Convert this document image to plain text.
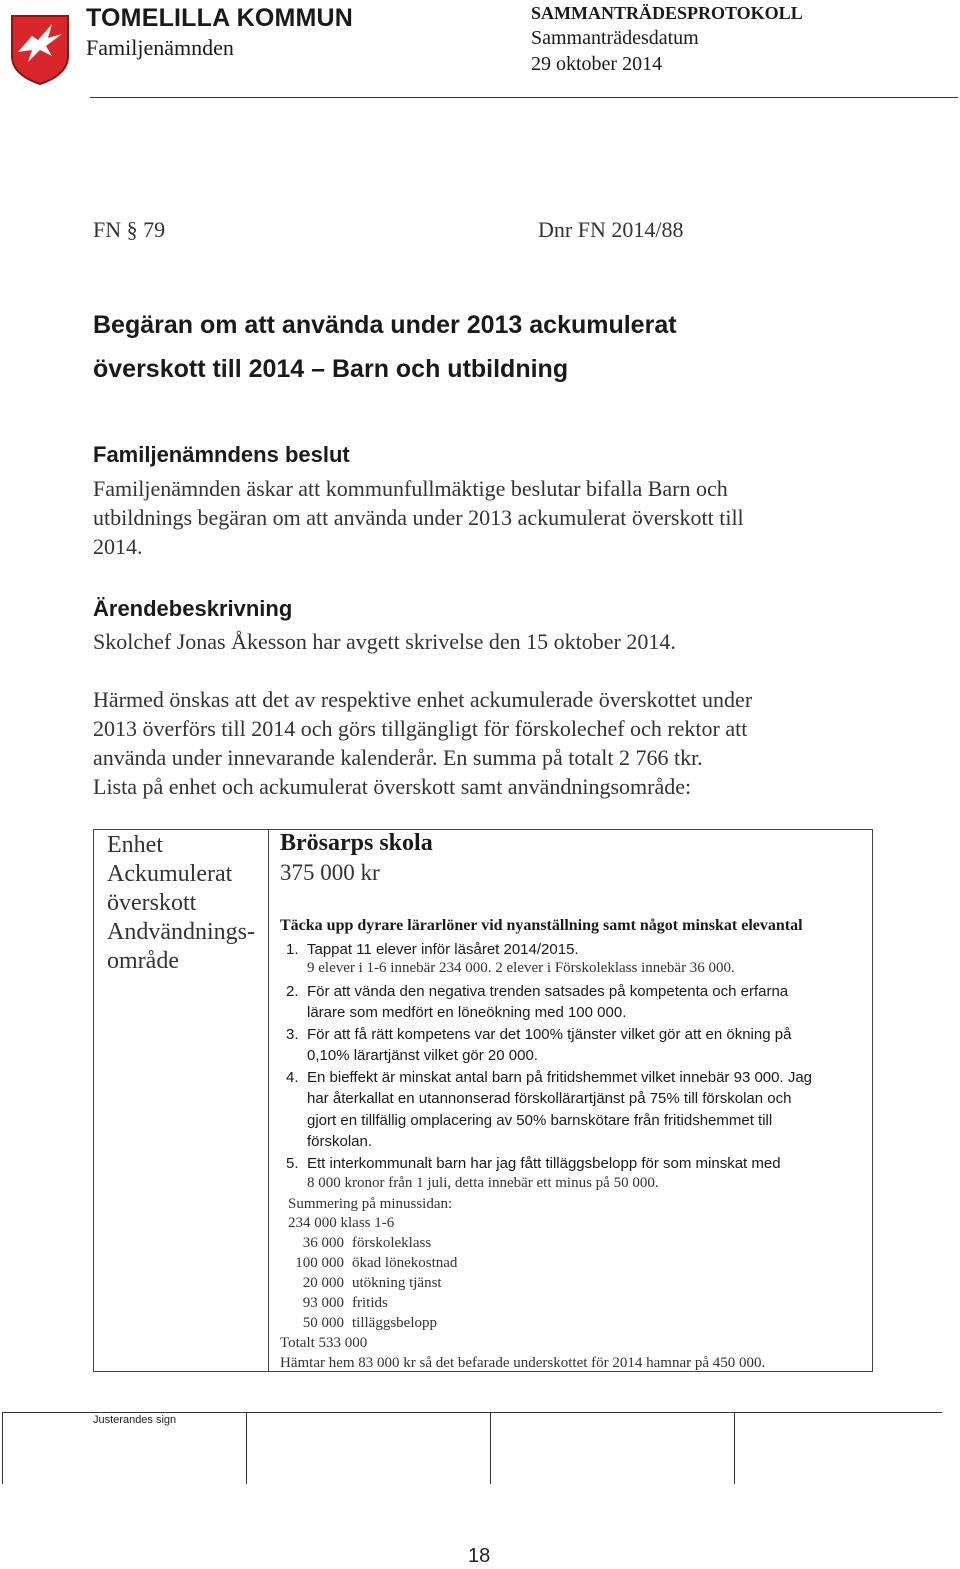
TOMELILLA KOMMUN
Familjenämnden
SAMMANTRÄDESPROTOKOLL
Sammanträdesdatum
29 oktober 2014
FN § 79	Dnr FN 2014/88
Begäran om att använda under 2013 ackumulerat
överskott till 2014 – Barn och utbildning
Familjenämndens beslut
Familjenämnden äskar att kommunfullmäktige beslutar bifalla Barn och
utbildnings begäran om att använda under 2013 ackumulerat överskott till
2014.
Ärendebeskrivning
Skolchef Jonas Åkesson har avgett skrivelse den 15 oktober 2014.
Härmed önskas att det av respektive enhet ackumulerade överskottet under
2013 överförs till 2014 och görs tillgängligt för förskolechef och rektor att
använda under innevarande kalenderår. En summa på totalt 2 766 tkr.
Lista på enhet och ackumulerat överskott samt användningsområde:
Enhet
Ackumulerat
överskott
Andvändnings-
område
Brösarps skola
375 000 kr
Täcka upp dyrare lärarlöner vid nyanställning samt något minskat elevantal
1. Tappat 11 elever inför läsåret 2014/2015.
9 elever i 1-6 innebär 234 000. 2 elever i Förskoleklass innebär 36 000.
2. För att vända den negativa trenden satsades på kompetenta och erfarna
lärare som medfört en löneökning med 100 000.
3. För att få rätt kompetens var det 100% tjänster vilket gör att en ökning på
0,10% lärartjänst vilket gör 20 000.
4. En bieffekt är minskat antal barn på fritidshemmet vilket innebär 93 000. Jag
har återkallat en utannonserad förskollärartjänst på 75% till förskolan och
gjort en tillfällig omplacering av 50% barnskötare från fritidshemmet till
förskolan.
5. Ett interkommunalt barn har jag fått tilläggsbelopp för som minskat med
8 000 kronor från 1 juli, detta innebär ett minus på 50 000.
Summering på minussidan:
234 000 klass 1-6
36 000 förskoleklass
100 000 ökad lönekostnad
20 000 utökning tjänst
93 000 fritids
50 000 tilläggsbelopp
Totalt 533 000
Hämtar hem 83 000 kr så det befarade underskottet för 2014 hamnar på 450 000.
Justerandes sign
18
